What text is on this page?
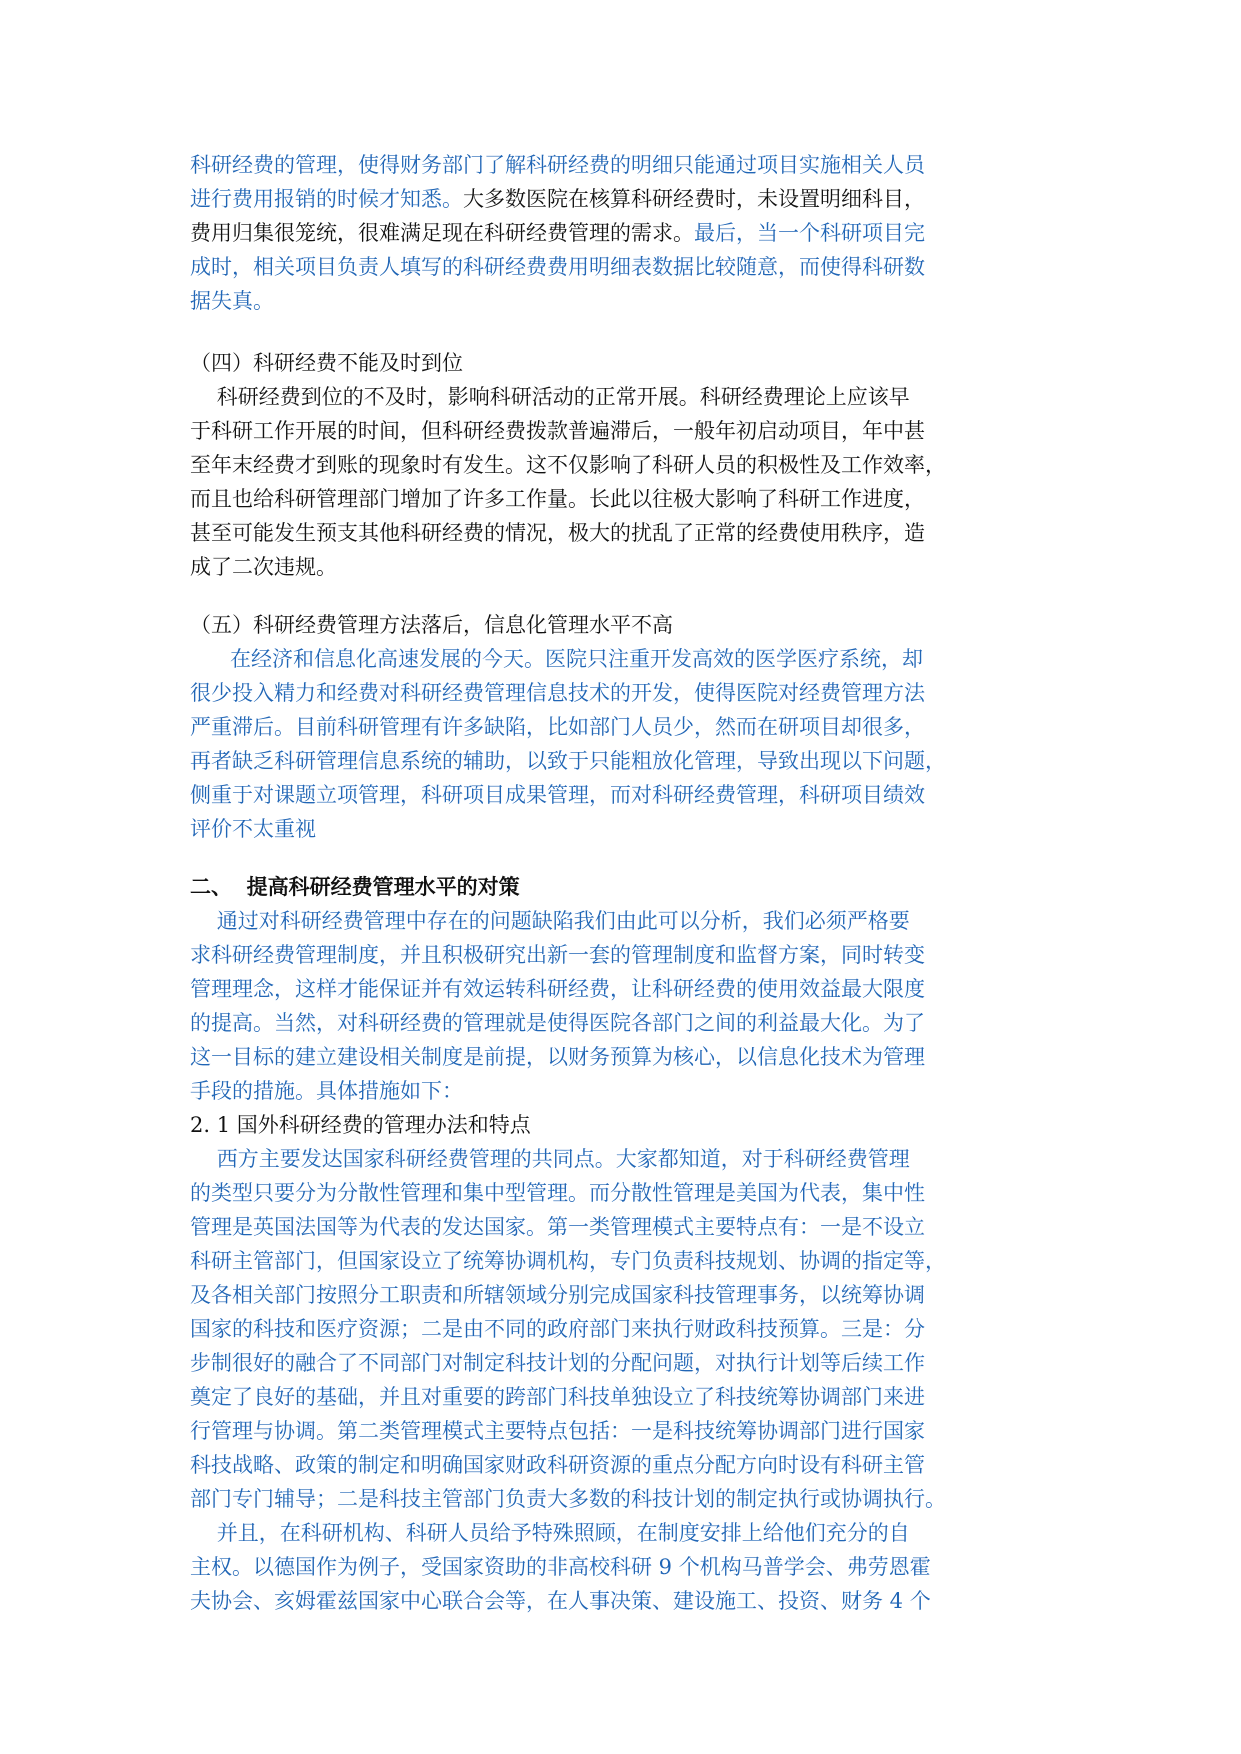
科研经费的管理，使得财务部门了解科研经费的明细只能通过项目实施相关人员
进行费用报销的时候才知悉。大多数医院在核算科研经费时，未设置明细科目，
费用归集很笼统，很难满足现在科研经费管理的需求。最后，当一个科研项目完
成时，相关项目负责人填写的科研经费费用明细表数据比较随意，而使得科研数
据失真。
（四）科研经费不能及时到位
科研经费到位的不及时，影响科研活动的正常开展。科研经费理论上应该早
于科研工作开展的时间，但科研经费拨款普遍滞后，一般年初启动项目，年中甚
至年末经费才到账的现象时有发生。这不仅影响了科研人员的积极性及工作效率，
而且也给科研管理部门增加了许多工作量。长此以往极大影响了科研工作进度，
甚至可能发生预支其他科研经费的情况，极大的扰乱了正常的经费使用秩序，造
成了二次违规。
（五）科研经费管理方法落后，信息化管理水平不高
在经济和信息化高速发展的今天。医院只注重开发高效的医学医疗系统，却
很少投入精力和经费对科研经费管理信息技术的开发，使得医院对经费管理方法
严重滞后。目前科研管理有许多缺陷，比如部门人员少，然而在研项目却很多，
再者缺乏科研管理信息系统的辅助，以致于只能粗放化管理，导致出现以下问题，
侧重于对课题立项管理，科研项目成果管理，而对科研经费管理，科研项目绩效
评价不太重视
二、  提高科研经费管理水平的对策
通过对科研经费管理中存在的问题缺陷我们由此可以分析，我们必须严格要
求科研经费管理制度，并且积极研究出新一套的管理制度和监督方案，同时转变
管理理念，这样才能保证并有效运转科研经费，让科研经费的使用效益最大限度
的提高。当然，对科研经费的管理就是使得医院各部门之间的利益最大化。为了
这一目标的建立建设相关制度是前提，以财务预算为核心，以信息化技术为管理
手段的措施。具体措施如下：
2. 1 国外科研经费的管理办法和特点
西方主要发达国家科研经费管理的共同点。大家都知道，对于科研经费管理
的类型只要分为分散性管理和集中型管理。而分散性管理是美国为代表，集中性
管理是英国法国等为代表的发达国家。第一类管理模式主要特点有：一是不设立
科研主管部门，但国家设立了统筹协调机构，专门负责科技规划、协调的指定等，
及各相关部门按照分工职责和所辖领域分别完成国家科技管理事务，以统筹协调
国家的科技和医疗资源；二是由不同的政府部门来执行财政科技预算。三是：分
步制很好的融合了不同部门对制定科技计划的分配问题，对执行计划等后续工作
奠定了良好的基础，并且对重要的跨部门科技单独设立了科技统筹协调部门来进
行管理与协调。第二类管理模式主要特点包括：一是科技统筹协调部门进行国家
科技战略、政策的制定和明确国家财政科研资源的重点分配方向时设有科研主管
部门专门辅导；二是科技主管部门负责大多数的科技计划的制定执行或协调执行。
并且，在科研机构、科研人员给予特殊照顾，在制度安排上给他们充分的自
主权。以德国作为例子，受国家资助的非高校科研 9 个机构马普学会、弗劳恩霍
夫协会、亥姆霍兹国家中心联合会等，在人事决策、建设施工、投资、财务 4 个
